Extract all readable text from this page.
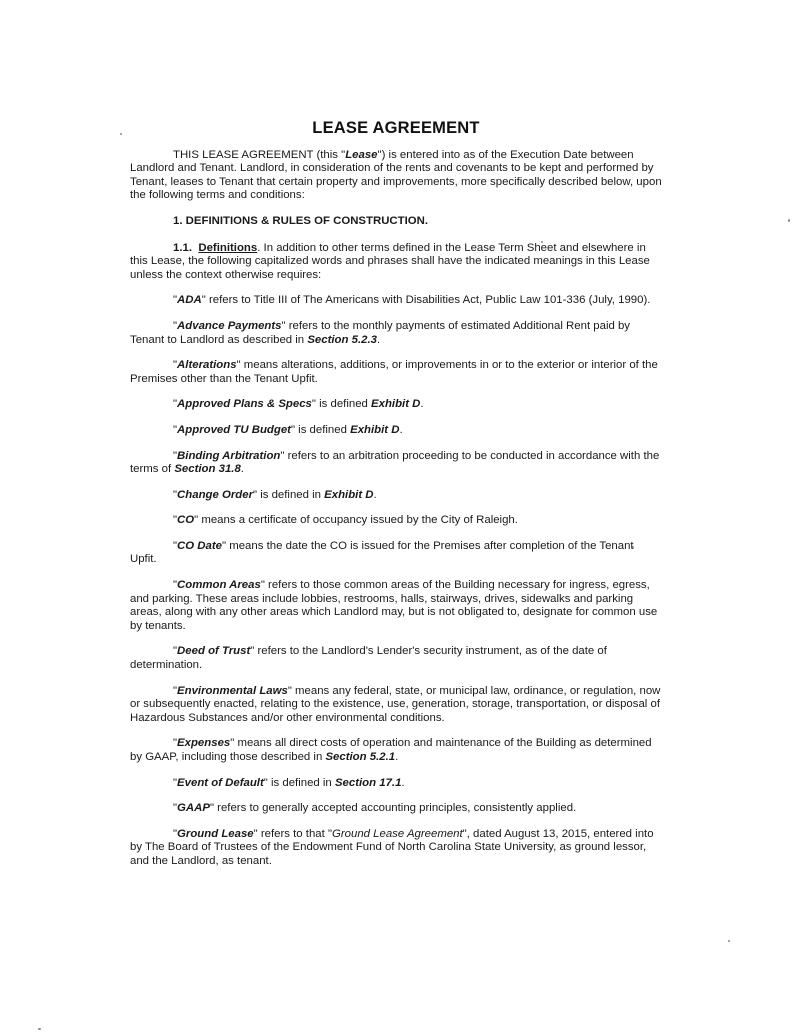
LEASE AGREEMENT

THIS LEASE AGREEMENT (this "Lease") is entered into as of the Execution Date between Landlord and Tenant. Landlord, in consideration of the rents and covenants to be kept and performed by Tenant, leases to Tenant that certain property and improvements, more specifically described below, upon the following terms and conditions:

1. DEFINITIONS & RULES OF CONSTRUCTION.

1.1. Definitions. In addition to other terms defined in the Lease Term Sheet and elsewhere in this Lease, the following capitalized words and phrases shall have the indicated meanings in this Lease unless the context otherwise requires:

"ADA" refers to Title III of The Americans with Disabilities Act, Public Law 101-336 (July, 1990).

"Advance Payments" refers to the monthly payments of estimated Additional Rent paid by Tenant to Landlord as described in Section 5.2.3.

"Alterations" means alterations, additions, or improvements in or to the exterior or interior of the Premises other than the Tenant Upfit.

"Approved Plans & Specs" is defined Exhibit D.

"Approved TU Budget" is defined Exhibit D.

"Binding Arbitration" refers to an arbitration proceeding to be conducted in accordance with the terms of Section 31.8.

"Change Order" is defined in Exhibit D.

"CO" means a certificate of occupancy issued by the City of Raleigh.

"CO Date" means the date the CO is issued for the Premises after completion of the Tenant Upfit.

"Common Areas" refers to those common areas of the Building necessary for ingress, egress, and parking. These areas include lobbies, restrooms, halls, stairways, drives, sidewalks and parking areas, along with any other areas which Landlord may, but is not obligated to, designate for common use by tenants.

"Deed of Trust" refers to the Landlord's Lender's security instrument, as of the date of determination.

"Environmental Laws" means any federal, state, or municipal law, ordinance, or regulation, now or subsequently enacted, relating to the existence, use, generation, storage, transportation, or disposal of Hazardous Substances and/or other environmental conditions.

"Expenses" means all direct costs of operation and maintenance of the Building as determined by GAAP, including those described in Section 5.2.1.

"Event of Default" is defined in Section 17.1.

"GAAP" refers to generally accepted accounting principles, consistently applied.

"Ground Lease" refers to that "Ground Lease Agreement", dated August 13, 2015, entered into by The Board of Trustees of the Endowment Fund of North Carolina State University, as ground lessor, and the Landlord, as tenant.
